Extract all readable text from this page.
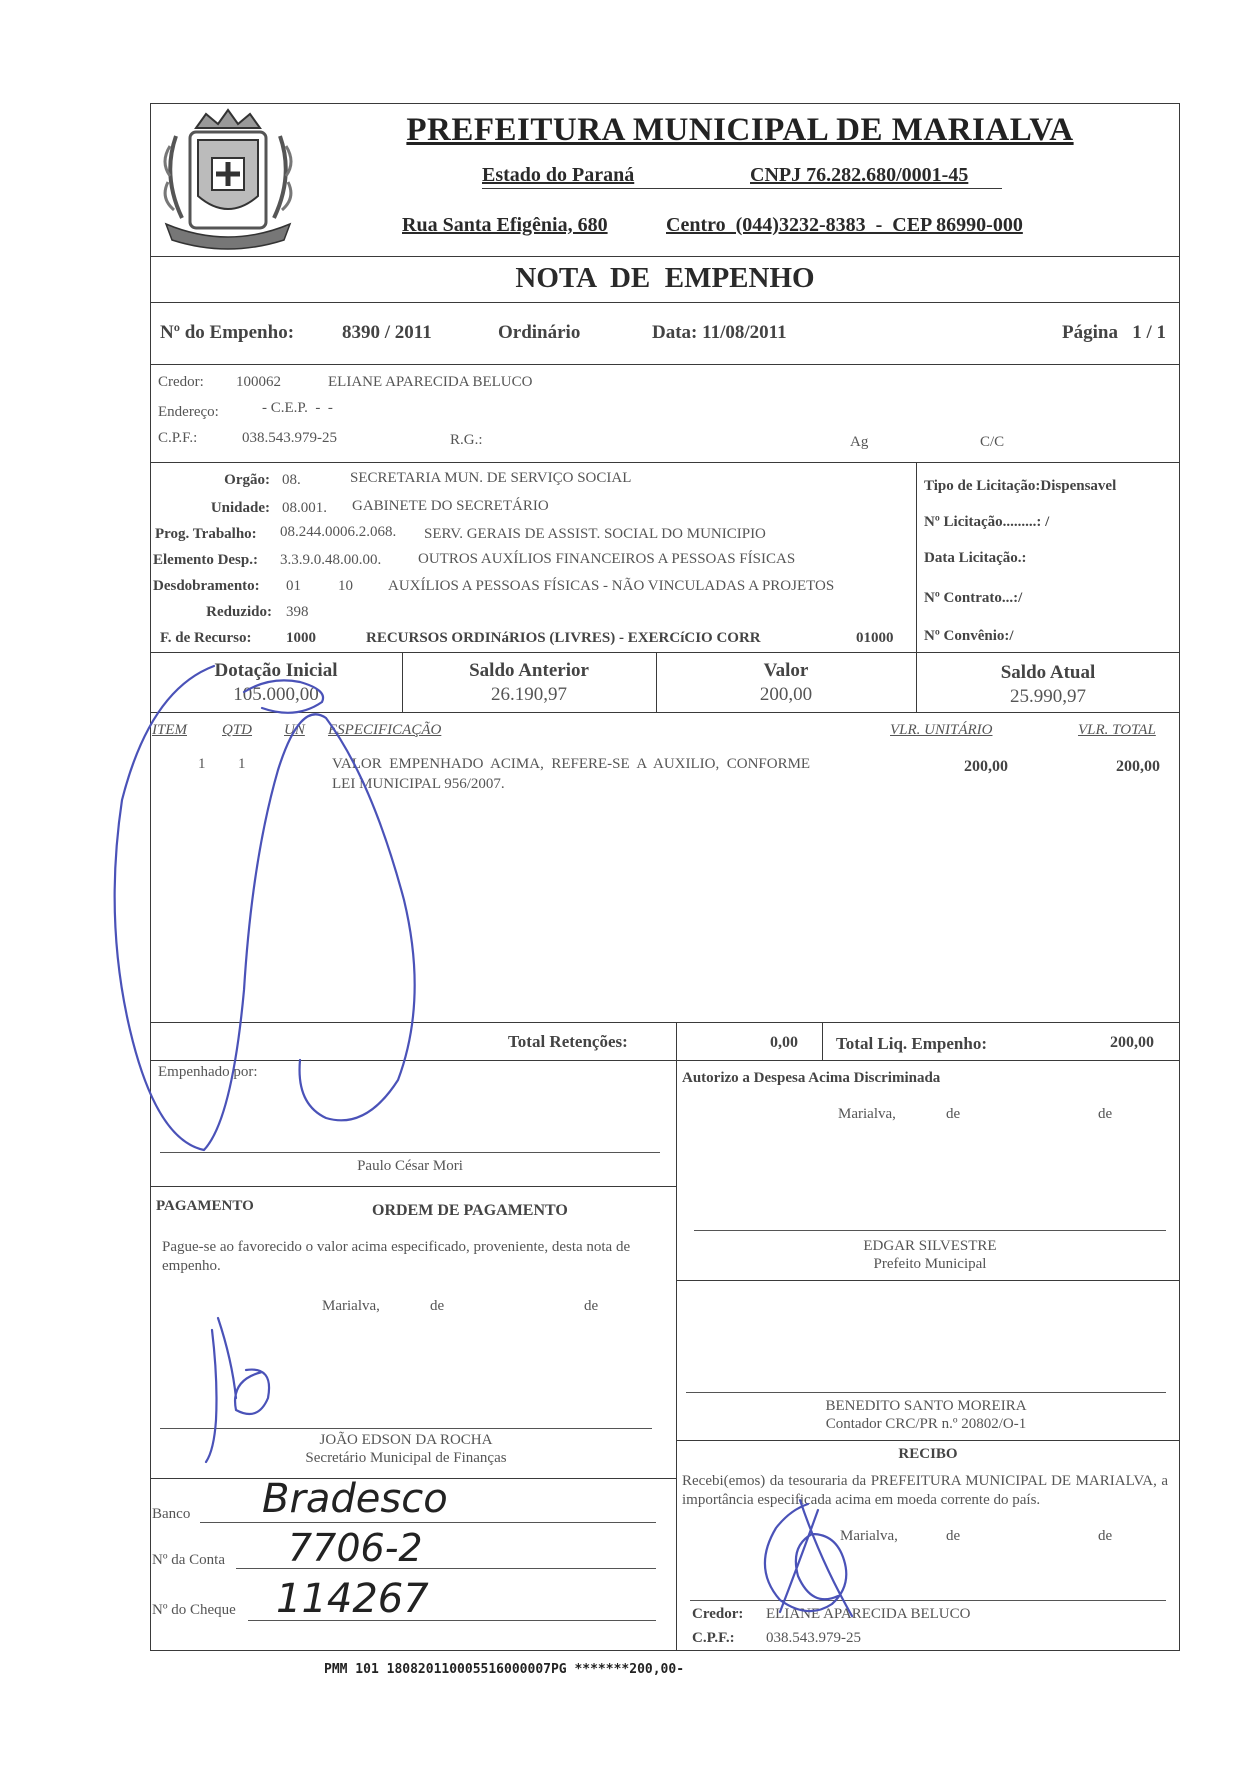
PREFEITURA MUNICIPAL DE MARIALVA
Estado do Paraná	CNPJ 76.282.680/0001-45
Rua Santa Efigênia, 680	Centro  (044)3232-8383  -  CEP 86990-000
NOTA  DE  EMPENHO
Nº do Empenho:	8390 / 2011	Ordinário	Data: 11/08/2011	Página   1 / 1
Credor: 100062	ELIANE APARECIDA BELUCO
Endereço:	- C.E.P.  -  -
C.P.F.:	038.543.979-25	R.G.:	Ag	C/C
Orgão: 08.	SECRETARIA MUN. DE SERVIÇO SOCIAL
Unidade: 08.001. GABINETE DO SECRETÁRIO
Prog. Trabalho: 08.244.0006.2.068. SERV. GERAIS DE ASSIST. SOCIAL DO MUNICIPIO
Elemento Desp.: 3.3.9.0.48.00.00. OUTROS AUXÍLIOS FINANCEIROS A PESSOAS FÍSICAS
Desdobramento: 01 10 AUXÍLIOS A PESSOAS FÍSICAS - NÃO VINCULADAS A PROJETOS
Reduzido: 398
F. de Recurso: 1000	RECURSOS ORDINáRIOS (LIVRES) - EXERCíCIO CORR	01000
Tipo de Licitação:Dispensavel
Nº Licitação.........: /
Data Licitação.:
Nº Contrato...:/
Nº Convênio:/
Dotação Inicial
105.000,00
Saldo Anterior
26.190,97
Valor
200,00
Saldo Atual
25.990,97
ITEM QTD UN ESPECIFICAÇÃO	VLR. UNITÁRIO	VLR. TOTAL
1 1	VALOR  EMPENHADO  ACIMA,  REFERE-SE  A  AUXILIO,  CONFORME
LEI MUNICIPAL 956/2007.
200,00	200,00
Total Retenções:	0,00 Total Liq. Empenho:	200,00
Empenhado por:
Paulo César Mori
Autorizo a Despesa Acima Discriminada
Marialva,	de	de
EDGAR SILVESTRE
Prefeito Municipal
BENEDITO SANTO MOREIRA
Contador CRC/PR n.º 20802/O-1
PAGAMENTO	ORDEM DE PAGAMENTO
Pague-se ao favorecido o valor acima especificado, proveniente, desta nota de empenho.
Marialva,	de	de
JOÃO EDSON DA ROCHA
Secretário Municipal de Finanças
Banco Bradesco
Nº da Conta 7706-2
Nº do Cheque 114267
RECIBO
Recebi(emos) da tesouraria da PREFEITURA MUNICIPAL DE MARIALVA, a importância especificada acima em moeda corrente do país.
Marialva,	de	de
Credor: ELIANE APARECIDA BELUCO
C.P.F.: 038.543.979-25
PMM 101 180820110005516000007PG *******200,00-
